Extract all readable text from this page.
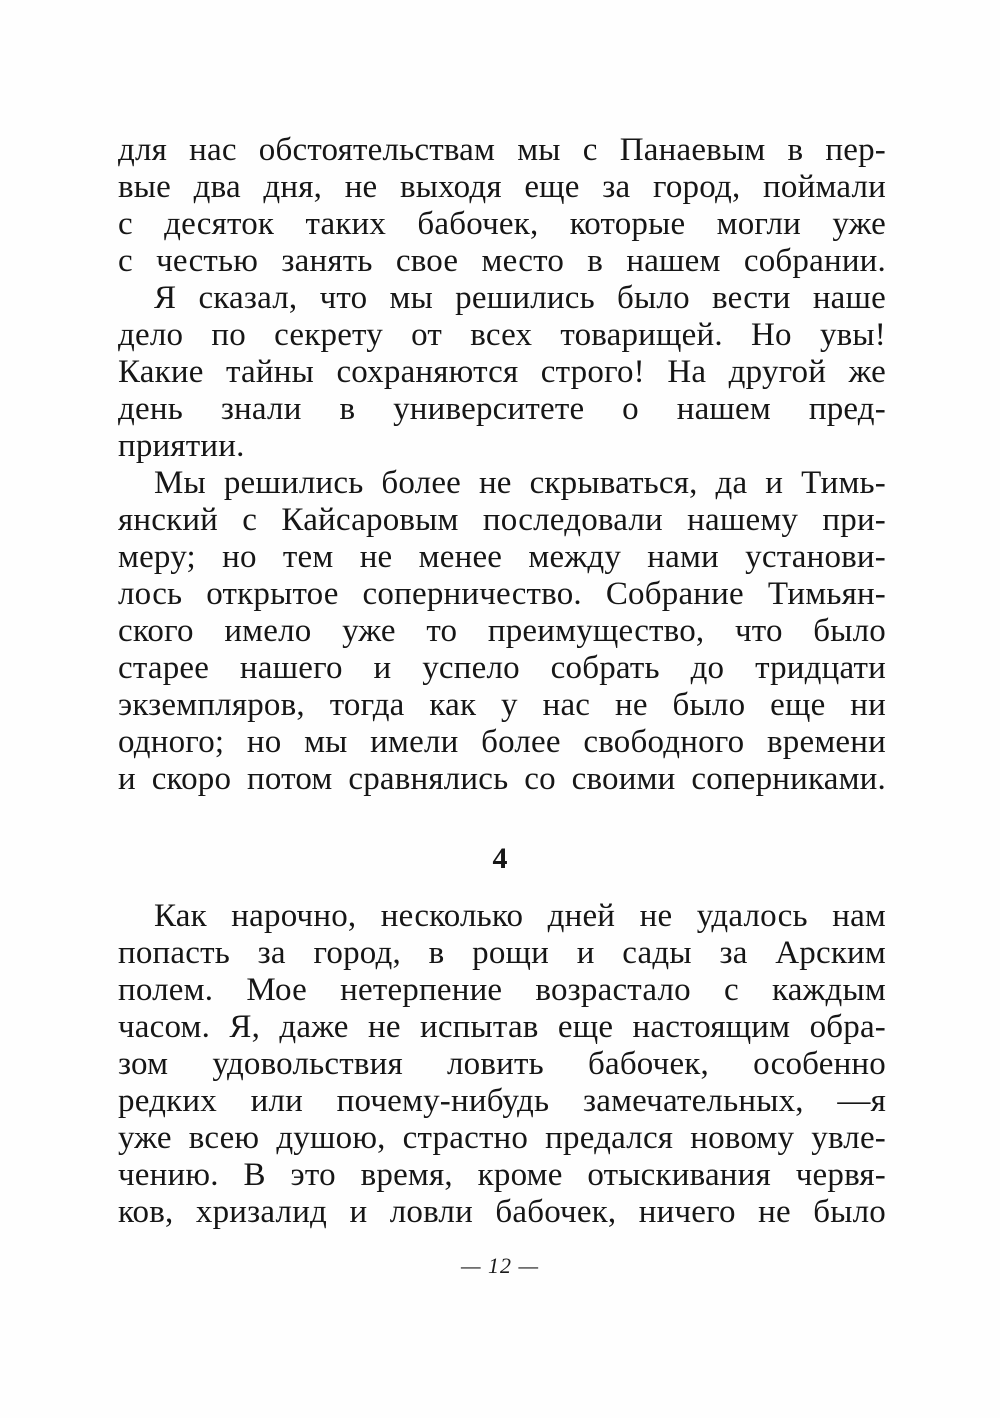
для нас обстоятельствам мы с Панаевым в пер-
вые два дня, не выходя еще за город, поймали
с десяток таких бабочек, которые могли уже
с честью занять свое место в нашем собрании.
Я сказал, что мы решились было вести наше
дело по секрету от всех товарищей. Но увы!
Какие тайны сохраняются строго! На другой же
день знали в университете о нашем пред-
приятии.
Мы решились более не скрываться, да и Тимь-
янский с Кайсаровым последовали нашему при-
меру; но тем не менее между нами установи-
лось открытое соперничество. Собрание Тимьян-
ского имело уже то преимущество, что было
старее нашего и успело собрать до тридцати
экземпляров, тогда как у нас не было еще ни
одного; но мы имели более свободного времени
и скоро потом сравнялись со своими соперниками.
4
Как нарочно, несколько дней не удалось нам
попасть за город, в рощи и сады за Арским
полем. Мое нетерпение возрастало с каждым
часом. Я, даже не испытав еще настоящим обра-
зом удовольствия ловить бабочек, особенно
редких или почему-нибудь замечательных, —я
уже всею душою, страстно предался новому увле-
чению. В это время, кроме отыскивания червя-
ков, хризалид и ловли бабочек, ничего не было
— 12 —
